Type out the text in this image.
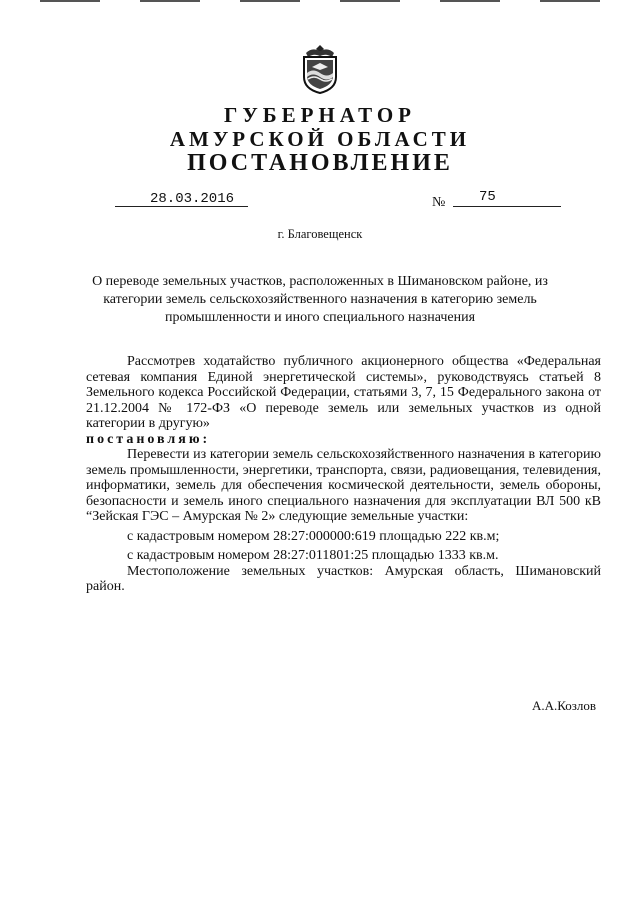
ГУБЕРНАТОР
АМУРСКОЙ ОБЛАСТИ
ПОСТАНОВЛЕНИЕ
28.03.2016	№ 75
г. Благовещенск
О переводе земельных участков, расположенных в Шимановском районе, из категории земель сельскохозяйственного назначения в категорию земель промышленности и иного специального назначения

Рассмотрев ходатайство публичного акционерного общества «Федеральная сетевая компания Единой энергетической системы», руководствуясь статьей 8 Земельного кодекса Российской Федерации, статьями 3, 7, 15 Федерального закона от 21.12.2004 № 172-ФЗ «О переводе земель или земельных участков из одной категории в другую»

постановляю:

Перевести из категории земель сельскохозяйственного назначения в категорию земель промышленности, энергетики, транспорта, связи, радиовещания, телевидения, информатики, земель для обеспечения космической деятельности, земель обороны, безопасности и земель иного специального назначения для эксплуатации ВЛ 500 кВ “Зейская ГЭС – Амурская № 2» следующие земельные участки:

с кадастровым номером 28:27:000000:619 площадью 222 кв.м;

с кадастровым номером 28:27:011801:25 площадью 1333 кв.м.

Местоположение земельных участков: Амурская область, Шимановский район.

А.А.Козлов
